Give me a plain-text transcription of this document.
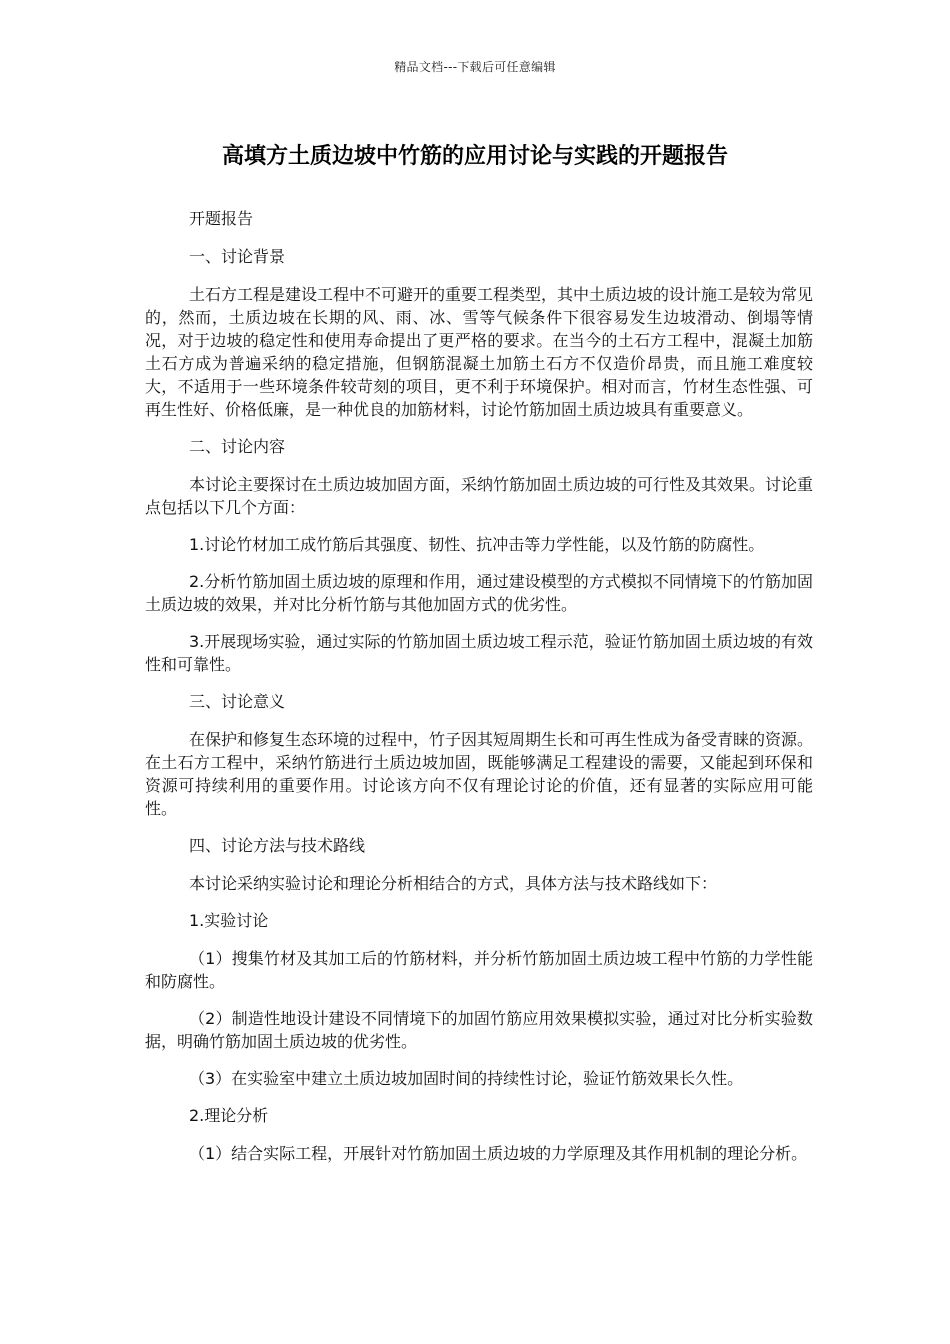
精品文档---下载后可任意编辑
高填方土质边坡中竹筋的应用讨论与实践的开题报告

开题报告

一、讨论背景

土石方工程是建设工程中不可避开的重要工程类型，其中土质边坡的设计施工是较为常见的，然而，土质边坡在长期的风、雨、冰、雪等气候条件下很容易发生边坡滑动、倒塌等情况，对于边坡的稳定性和使用寿命提出了更严格的要求。在当今的土石方工程中，混凝土加筋土石方成为普遍采纳的稳定措施，但钢筋混凝土加筋土石方不仅造价昂贵，而且施工难度较大，不适用于一些环境条件较苛刻的项目，更不利于环境保护。相对而言，竹材生态性强、可再生性好、价格低廉，是一种优良的加筋材料，讨论竹筋加固土质边坡具有重要意义。

二、讨论内容

本讨论主要探讨在土质边坡加固方面，采纳竹筋加固土质边坡的可行性及其效果。讨论重点包括以下几个方面：

1.讨论竹材加工成竹筋后其强度、韧性、抗冲击等力学性能，以及竹筋的防腐性。

2.分析竹筋加固土质边坡的原理和作用，通过建设模型的方式模拟不同情境下的竹筋加固土质边坡的效果，并对比分析竹筋与其他加固方式的优劣性。

3.开展现场实验，通过实际的竹筋加固土质边坡工程示范，验证竹筋加固土质边坡的有效性和可靠性。

三、讨论意义

在保护和修复生态环境的过程中，竹子因其短周期生长和可再生性成为备受青睐的资源。在土石方工程中，采纳竹筋进行土质边坡加固，既能够满足工程建设的需要，又能起到环保和资源可持续利用的重要作用。讨论该方向不仅有理论讨论的价值，还有显著的实际应用可能性。

四、讨论方法与技术路线

本讨论采纳实验讨论和理论分析相结合的方式，具体方法与技术路线如下：

1.实验讨论

（1）搜集竹材及其加工后的竹筋材料，并分析竹筋加固土质边坡工程中竹筋的力学性能和防腐性。

（2）制造性地设计建设不同情境下的加固竹筋应用效果模拟实验，通过对比分析实验数据，明确竹筋加固土质边坡的优劣性。

（3）在实验室中建立土质边坡加固时间的持续性讨论，验证竹筋效果长久性。

2.理论分析

（1）结合实际工程，开展针对竹筋加固土质边坡的力学原理及其作用机制的理论分析。
